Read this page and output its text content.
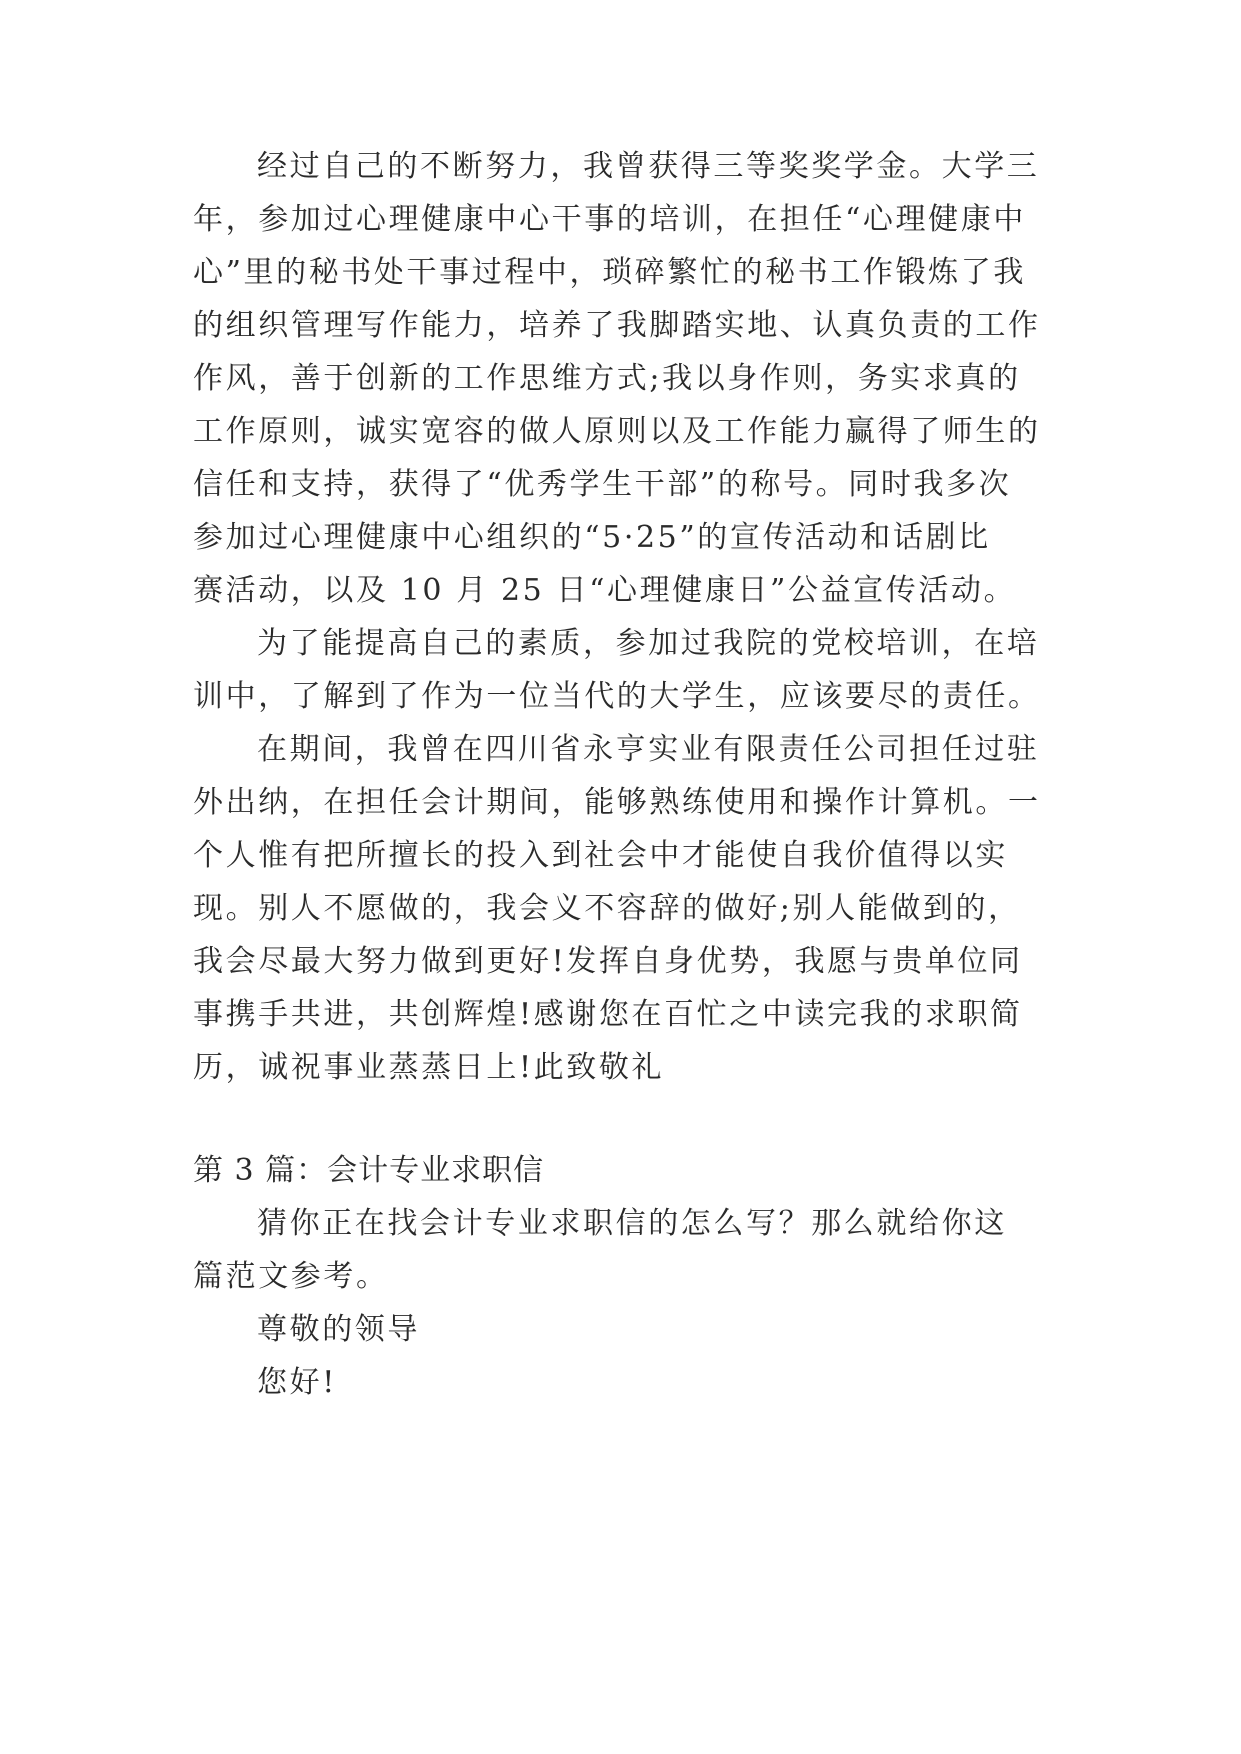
经过自己的不断努力，我曾获得三等奖奖学金。大学三
年，参加过心理健康中心干事的培训，在担任“心理健康中
心”里的秘书处干事过程中，琐碎繁忙的秘书工作锻炼了我
的组织管理写作能力，培养了我脚踏实地、认真负责的工作
作风，善于创新的工作思维方式;我以身作则，务实求真的
工作原则，诚实宽容的做人原则以及工作能力赢得了师生的
信任和支持，获得了“优秀学生干部”的称号。同时我多次
参加过心理健康中心组织的“5·25”的宣传活动和话剧比
赛活动，以及 10 月 25 日“心理健康日”公益宣传活动。
为了能提高自己的素质，参加过我院的党校培训，在培
训中，了解到了作为一位当代的大学生，应该要尽的责任。
在期间，我曾在四川省永亨实业有限责任公司担任过驻
外出纳，在担任会计期间，能够熟练使用和操作计算机。一
个人惟有把所擅长的投入到社会中才能使自我价值得以实
现。别人不愿做的，我会义不容辞的做好;别人能做到的，
我会尽最大努力做到更好!发挥自身优势，我愿与贵单位同
事携手共进，共创辉煌!感谢您在百忙之中读完我的求职简
历，诚祝事业蒸蒸日上!此致敬礼
第 3 篇：会计专业求职信
猜你正在找会计专业求职信的怎么写？那么就给你这
篇范文参考。
尊敬的领导
您好!
